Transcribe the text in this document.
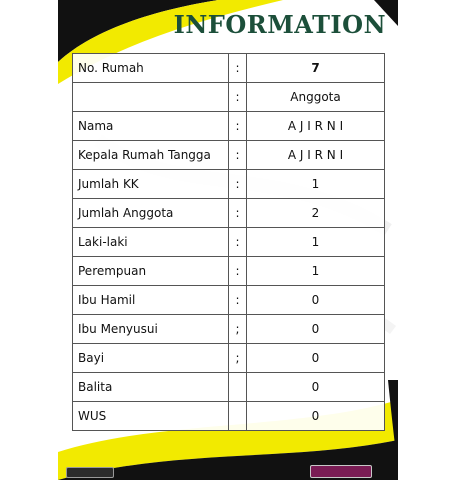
INFORMATION
No. Rumah	:	7
	:	Anggota
Nama	:	A J I R N I
Kepala Rumah Tangga	:	A J I R N I
Jumlah KK	:	1
Jumlah Anggota	:	2
Laki-laki	:	1
Perempuan	:	1
Ibu Hamil	:	0
Ibu Menyusui	;	0
Bayi	;	0
Balita		0
WUS		0
